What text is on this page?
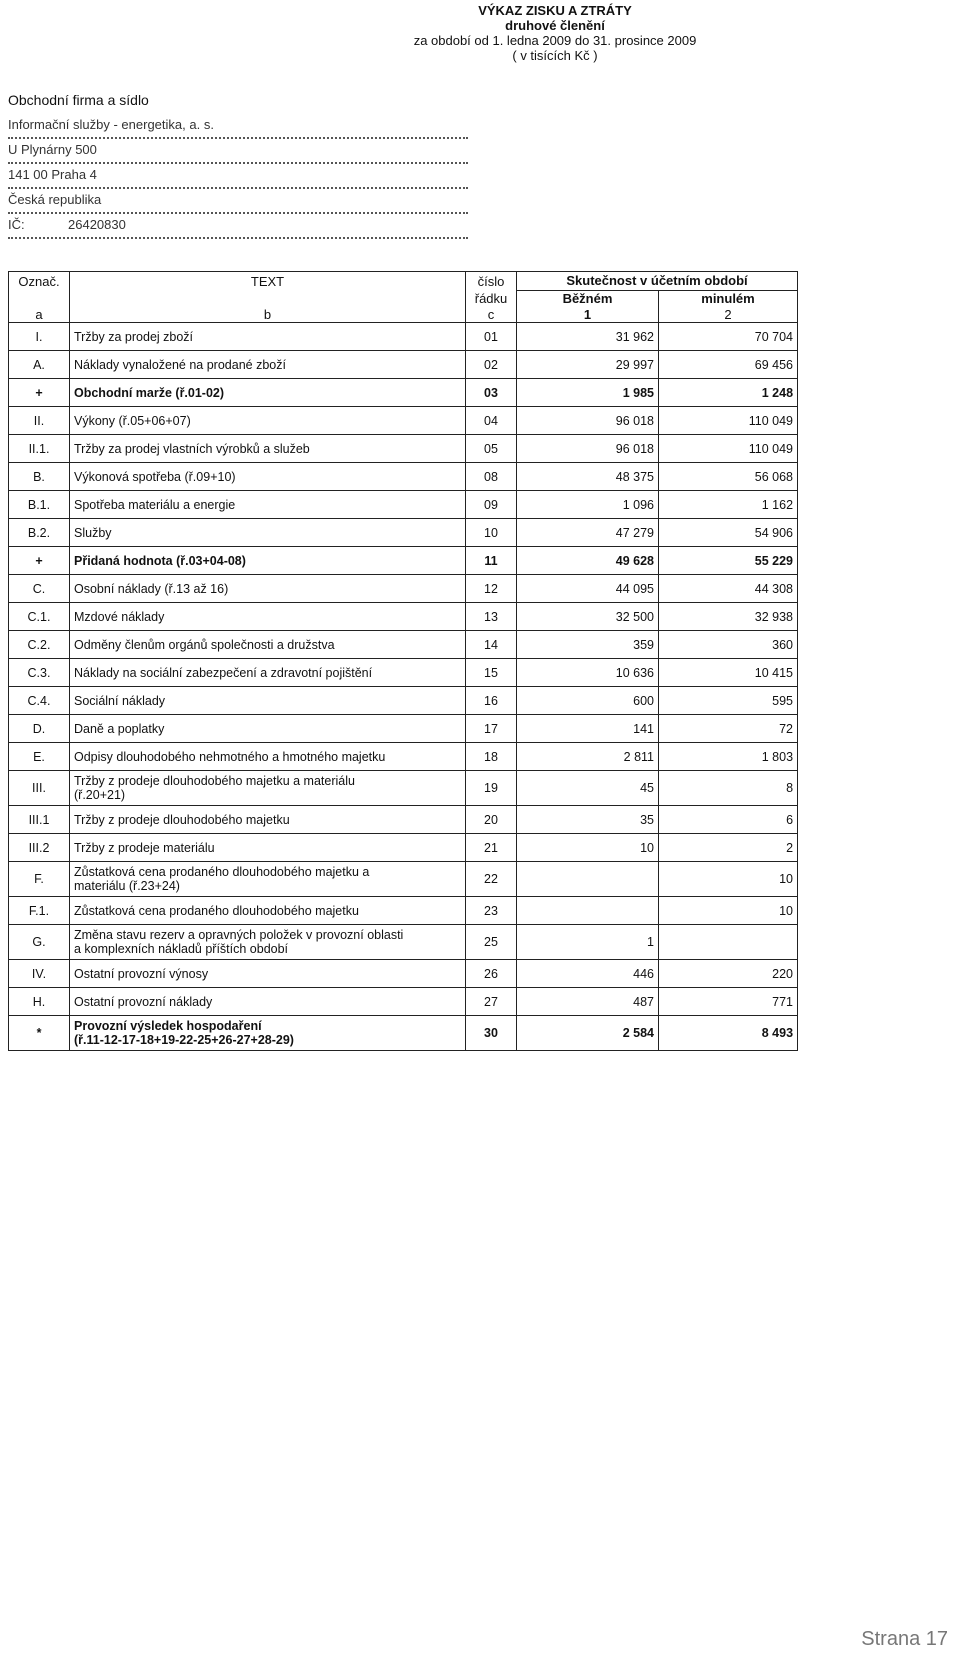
VÝKAZ ZISKU A ZTRÁTY
druhové členění
za období od 1. ledna 2009 do 31. prosince 2009
( v tisících Kč )
Obchodní firma a sídlo
Informační služby - energetika, a. s.
U Plynárny 500
141 00 Praha 4
Česká republika
IČ:	26420830
Označ.	TEXT	číslo	Skutečnost v účetním období	
		řádku	Běžném	minulém
a	b	c	1	2
I.	Tržby za prodej zboží	01	31 962	70 704
A.	Náklady vynaložené na prodané zboží	02	29 997	69 456
+	Obchodní marže (ř.01-02)	03	1 985	1 248
II.	Výkony (ř.05+06+07)	04	96 018	110 049
II.1.	Tržby za prodej vlastních výrobků a služeb	05	96 018	110 049
B.	Výkonová spotřeba (ř.09+10)	08	48 375	56 068
B.1.	Spotřeba materiálu a energie	09	1 096	1 162
B.2.	Služby	10	47 279	54 906
+	Přidaná hodnota (ř.03+04-08)	11	49 628	55 229
C.	Osobní náklady (ř.13 až 16)	12	44 095	44 308
C.1.	Mzdové náklady	13	32 500	32 938
C.2.	Odměny členům orgánů společnosti a družstva	14	359	360
C.3.	Náklady na sociální zabezpečení a zdravotní pojištění	15	10 636	10 415
C.4.	Sociální náklady	16	600	595
D.	Daně a poplatky	17	141	72
E.	Odpisy dlouhodobého nehmotného a hmotného majetku	18	2 811	1 803
III.	Tržby z prodeje dlouhodobého majetku a materiálu
(ř.20+21)	19	45	8
III.1	Tržby z prodeje dlouhodobého majetku	20	35	6
III.2	Tržby z prodeje materiálu	21	10	2
F.	Zůstatková cena prodaného dlouhodobého majetku a
materiálu (ř.23+24)	22		10
F.1.	Zůstatková cena prodaného dlouhodobého majetku	23		10
G.	Změna stavu rezerv a opravných položek v provozní oblasti
a komplexních nákladů příštích období	25	1	
IV.	Ostatní provozní výnosy	26	446	220
H.	Ostatní provozní náklady	27	487	771
*	Provozní výsledek hospodaření
(ř.11-12-17-18+19-22-25+26-27+28-29)	30	2 584	8 493
Strana 17
